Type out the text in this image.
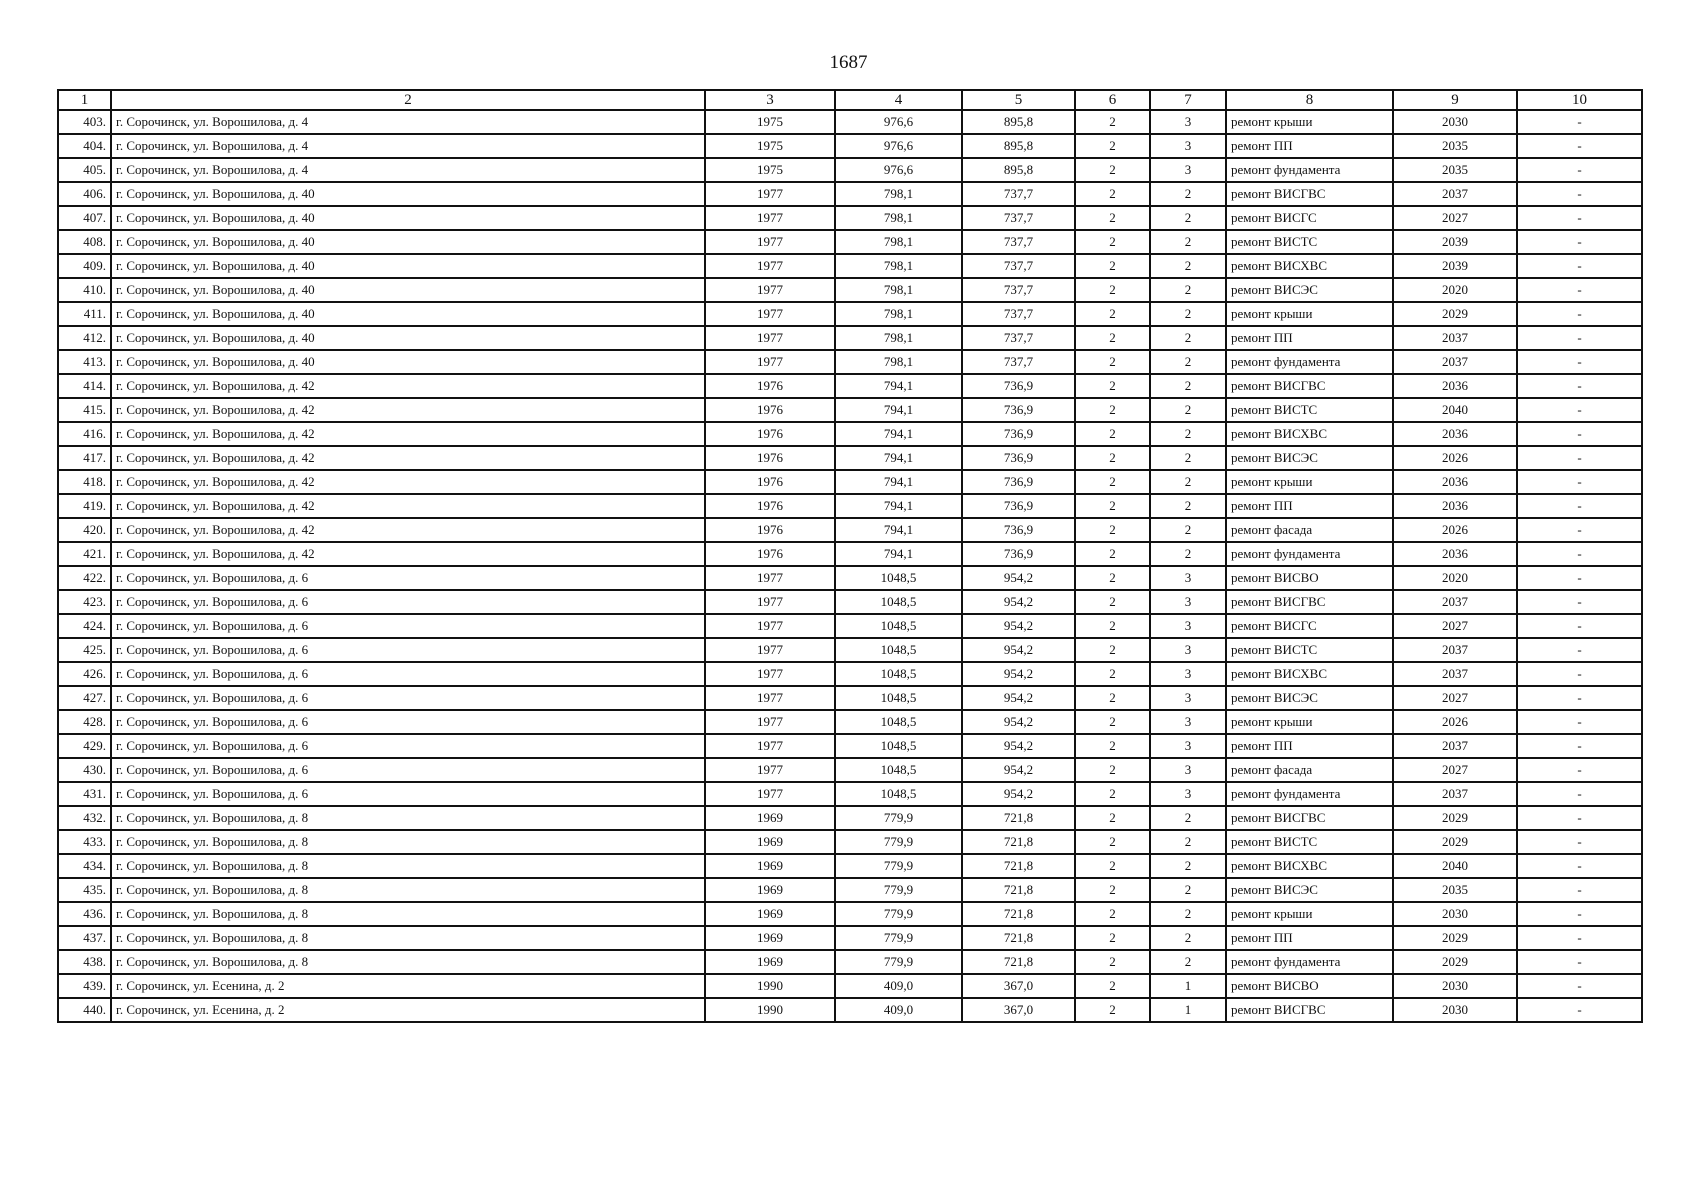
1687
1	2	3	4	5	6	7	8	9	10
403.	г. Сорочинск, ул. Ворошилова, д. 4	1975	976,6	895,8	2	3	ремонт крыши	2030	-
404.	г. Сорочинск, ул. Ворошилова, д. 4	1975	976,6	895,8	2	3	ремонт ПП	2035	-
405.	г. Сорочинск, ул. Ворошилова, д. 4	1975	976,6	895,8	2	3	ремонт фундамента	2035	-
406.	г. Сорочинск, ул. Ворошилова, д. 40	1977	798,1	737,7	2	2	ремонт ВИСГВС	2037	-
407.	г. Сорочинск, ул. Ворошилова, д. 40	1977	798,1	737,7	2	2	ремонт ВИСГС	2027	-
408.	г. Сорочинск, ул. Ворошилова, д. 40	1977	798,1	737,7	2	2	ремонт ВИСТС	2039	-
409.	г. Сорочинск, ул. Ворошилова, д. 40	1977	798,1	737,7	2	2	ремонт ВИСХВС	2039	-
410.	г. Сорочинск, ул. Ворошилова, д. 40	1977	798,1	737,7	2	2	ремонт ВИСЭС	2020	-
411.	г. Сорочинск, ул. Ворошилова, д. 40	1977	798,1	737,7	2	2	ремонт крыши	2029	-
412.	г. Сорочинск, ул. Ворошилова, д. 40	1977	798,1	737,7	2	2	ремонт ПП	2037	-
413.	г. Сорочинск, ул. Ворошилова, д. 40	1977	798,1	737,7	2	2	ремонт фундамента	2037	-
414.	г. Сорочинск, ул. Ворошилова, д. 42	1976	794,1	736,9	2	2	ремонт ВИСГВС	2036	-
415.	г. Сорочинск, ул. Ворошилова, д. 42	1976	794,1	736,9	2	2	ремонт ВИСТС	2040	-
416.	г. Сорочинск, ул. Ворошилова, д. 42	1976	794,1	736,9	2	2	ремонт ВИСХВС	2036	-
417.	г. Сорочинск, ул. Ворошилова, д. 42	1976	794,1	736,9	2	2	ремонт ВИСЭС	2026	-
418.	г. Сорочинск, ул. Ворошилова, д. 42	1976	794,1	736,9	2	2	ремонт крыши	2036	-
419.	г. Сорочинск, ул. Ворошилова, д. 42	1976	794,1	736,9	2	2	ремонт ПП	2036	-
420.	г. Сорочинск, ул. Ворошилова, д. 42	1976	794,1	736,9	2	2	ремонт фасада	2026	-
421.	г. Сорочинск, ул. Ворошилова, д. 42	1976	794,1	736,9	2	2	ремонт фундамента	2036	-
422.	г. Сорочинск, ул. Ворошилова, д. 6	1977	1048,5	954,2	2	3	ремонт ВИСВО	2020	-
423.	г. Сорочинск, ул. Ворошилова, д. 6	1977	1048,5	954,2	2	3	ремонт ВИСГВС	2037	-
424.	г. Сорочинск, ул. Ворошилова, д. 6	1977	1048,5	954,2	2	3	ремонт ВИСГС	2027	-
425.	г. Сорочинск, ул. Ворошилова, д. 6	1977	1048,5	954,2	2	3	ремонт ВИСТС	2037	-
426.	г. Сорочинск, ул. Ворошилова, д. 6	1977	1048,5	954,2	2	3	ремонт ВИСХВС	2037	-
427.	г. Сорочинск, ул. Ворошилова, д. 6	1977	1048,5	954,2	2	3	ремонт ВИСЭС	2027	-
428.	г. Сорочинск, ул. Ворошилова, д. 6	1977	1048,5	954,2	2	3	ремонт крыши	2026	-
429.	г. Сорочинск, ул. Ворошилова, д. 6	1977	1048,5	954,2	2	3	ремонт ПП	2037	-
430.	г. Сорочинск, ул. Ворошилова, д. 6	1977	1048,5	954,2	2	3	ремонт фасада	2027	-
431.	г. Сорочинск, ул. Ворошилова, д. 6	1977	1048,5	954,2	2	3	ремонт фундамента	2037	-
432.	г. Сорочинск, ул. Ворошилова, д. 8	1969	779,9	721,8	2	2	ремонт ВИСГВС	2029	-
433.	г. Сорочинск, ул. Ворошилова, д. 8	1969	779,9	721,8	2	2	ремонт ВИСТС	2029	-
434.	г. Сорочинск, ул. Ворошилова, д. 8	1969	779,9	721,8	2	2	ремонт ВИСХВС	2040	-
435.	г. Сорочинск, ул. Ворошилова, д. 8	1969	779,9	721,8	2	2	ремонт ВИСЭС	2035	-
436.	г. Сорочинск, ул. Ворошилова, д. 8	1969	779,9	721,8	2	2	ремонт крыши	2030	-
437.	г. Сорочинск, ул. Ворошилова, д. 8	1969	779,9	721,8	2	2	ремонт ПП	2029	-
438.	г. Сорочинск, ул. Ворошилова, д. 8	1969	779,9	721,8	2	2	ремонт фундамента	2029	-
439.	г. Сорочинск, ул. Есенина, д. 2	1990	409,0	367,0	2	1	ремонт ВИСВО	2030	-
440.	г. Сорочинск, ул. Есенина, д. 2	1990	409,0	367,0	2	1	ремонт ВИСГВС	2030	-
